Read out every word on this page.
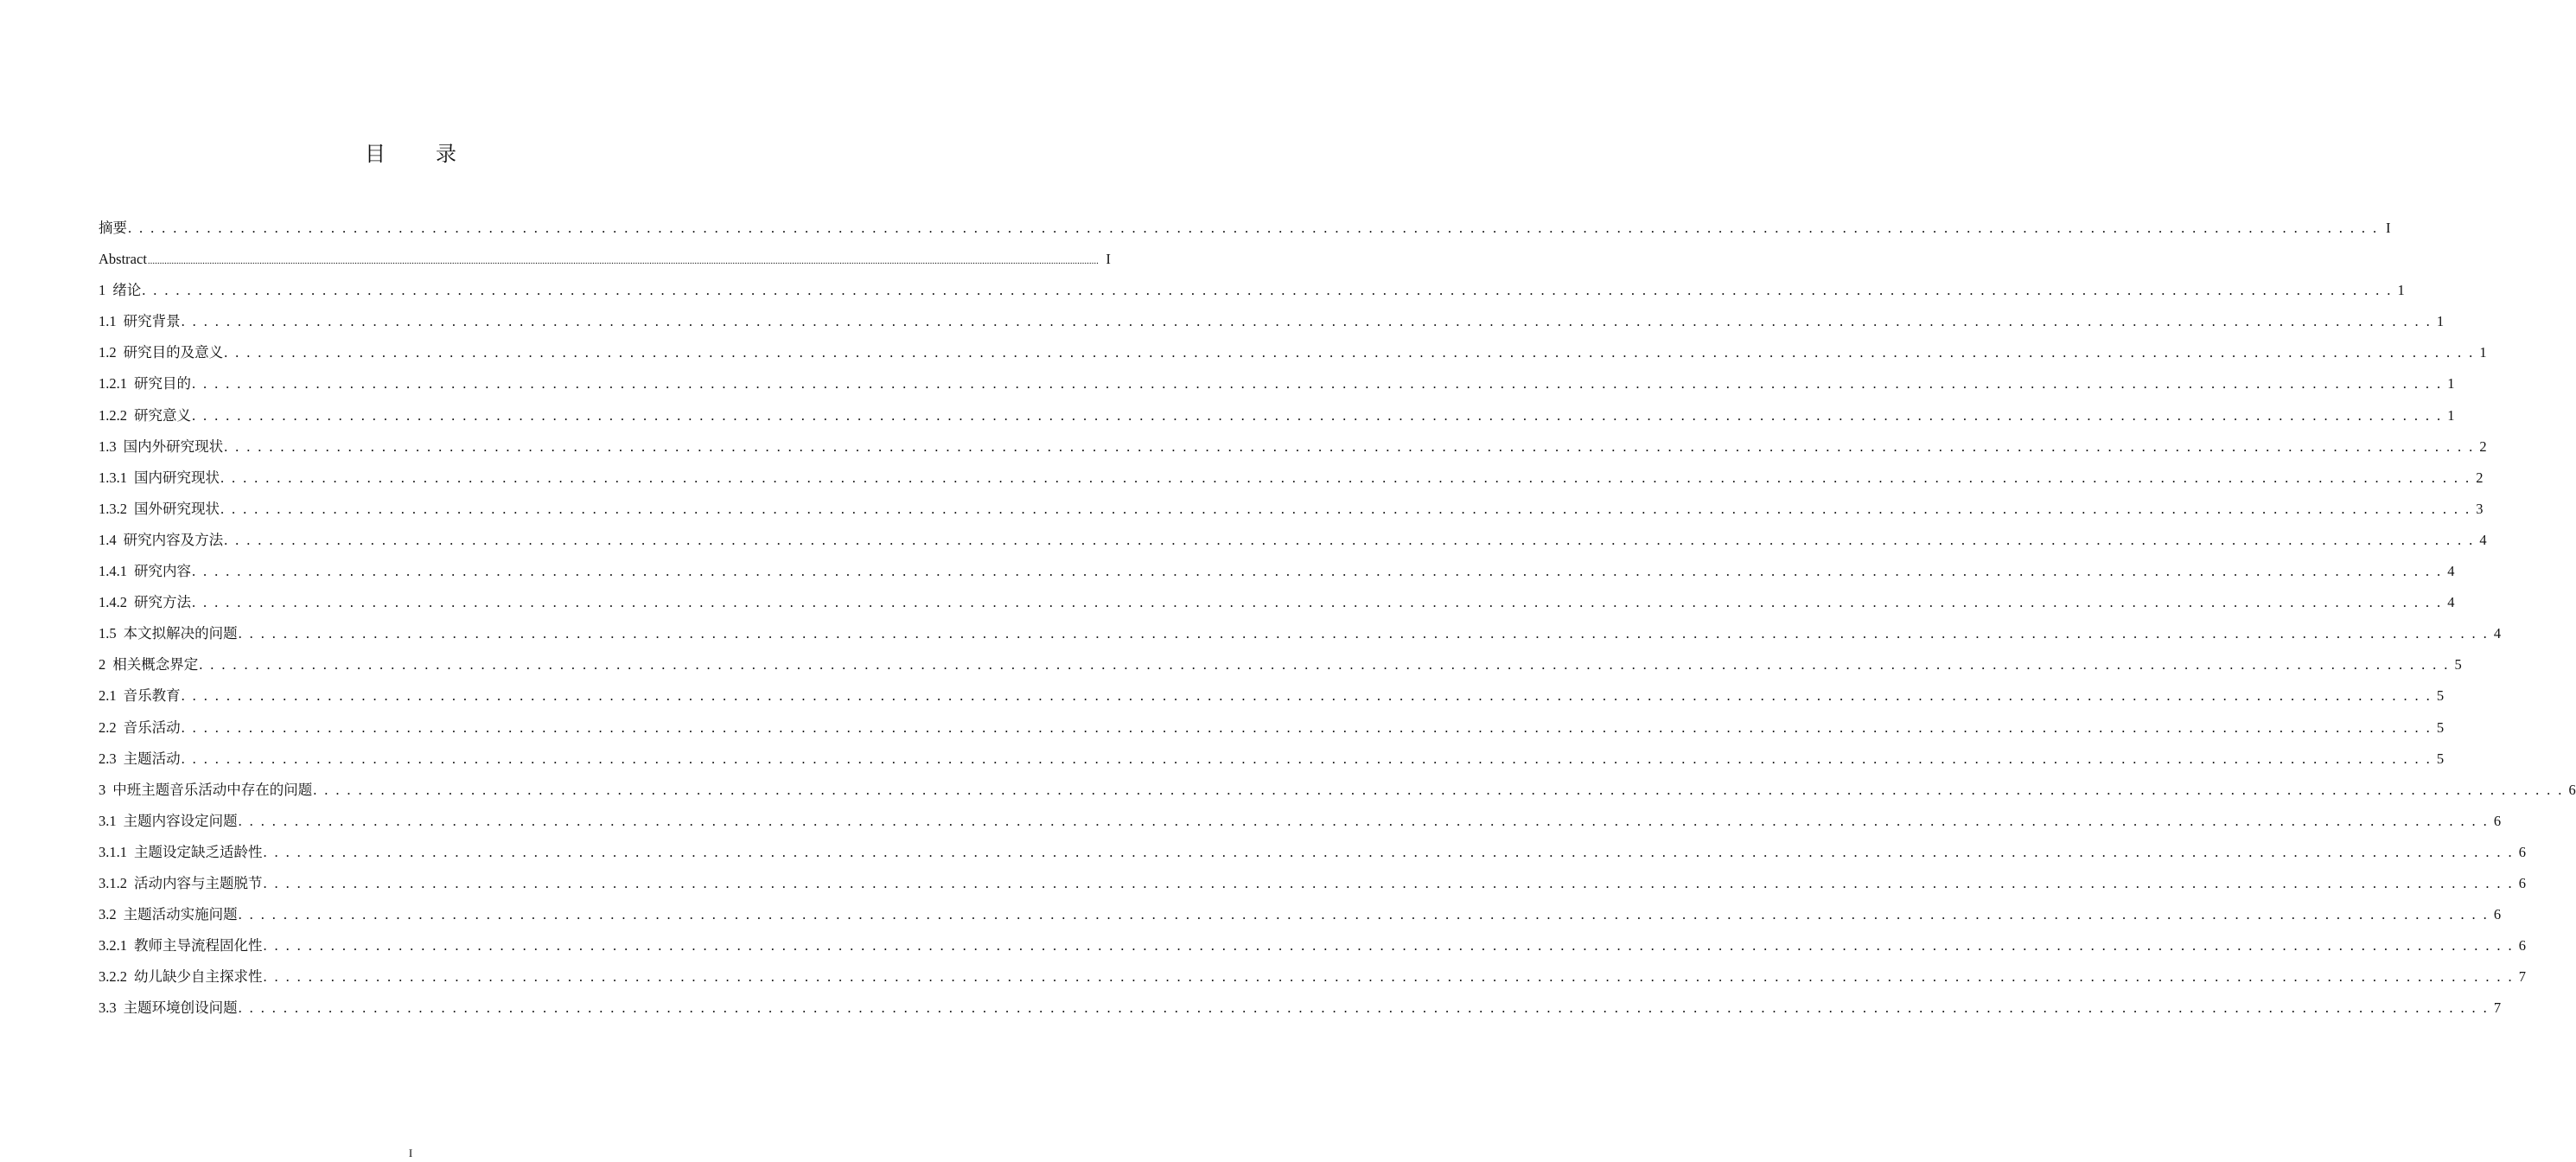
目 录
摘要 . . . . . . . . . . . . . . . . . . . . . . . . . . . . . . . . . . . . . . . . . . . . . . . . . . . . . . . . . . . . . . . . . . . . . . . . . . . . . . . . . . . . . . . . . . . . . . . . . . . . . . . . . . . . . . . . . . . . . . . . . . . . . . . . . . . . . . . . . . . . . . . . . . . . . . . . . . . . . . . . . . . . . . . . . . . . . . . . . . . . . . . . . . . . . . . . . . . . . . . . I
Abstract ................................................................................................................................................................................................................................................................................................................................................................................................................ I
1 绪论 . . . . . . . . . . . . . . . . . . . . . . . . . . . . . . . . . . . . . . . . . . . . . . . . . . . . . . . . . . . . . . . . . . . . . . . . . . . . . . . . . . . . . . . . . . . . . . . . . . . . . . . . . . . . . . . . . . . . . . . . . . . . . . . . . . . . . . . . . . . . . . . . . . . . . . . . . . . . . . . . . . . . . . . . . . . . . . . . . . . . . . . . . . . . . . . . . . . . . . . . 1
1.1 研究背景 . . . . . . . . . . . . . . . . . . . . . . . . . . . . . . . . . . . . . . . . . . . . . . . . . . . . . . . . . . . . . . . . . . . . . . . . . . . . . . . . . . . . . . . . . . . . . . . . . . . . . . . . . . . . . . . . . . . . . . . . . . . . . . . . . . . . . . . . . . . . . . . . . . . . . . . . . . . . . . . . . . . . . . . . . . . . . . . . . . . . . . . . . . . . . . . . . . . . . . . . 1
1.2 研究目的及意义 . . . . . . . . . . . . . . . . . . . . . . . . . . . . . . . . . . . . . . . . . . . . . . . . . . . . . . . . . . . . . . . . . . . . . . . . . . . . . . . . . . . . . . . . . . . . . . . . . . . . . . . . . . . . . . . . . . . . . . . . . . . . . . . . . . . . . . . . . . . . . . . . . . . . . . . . . . . . . . . . . . . . . . . . . . . . . . . . . . . . . . . . . . . . . . . . . . . . . . . . 1
1.2.1 研究目的 . . . . . . . . . . . . . . . . . . . . . . . . . . . . . . . . . . . . . . . . . . . . . . . . . . . . . . . . . . . . . . . . . . . . . . . . . . . . . . . . . . . . . . . . . . . . . . . . . . . . . . . . . . . . . . . . . . . . . . . . . . . . . . . . . . . . . . . . . . . . . . . . . . . . . . . . . . . . . . . . . . . . . . . . . . . . . . . . . . . . . . . . . . . . . . . . . . . . . . . . 1
1.2.2 研究意义 . . . . . . . . . . . . . . . . . . . . . . . . . . . . . . . . . . . . . . . . . . . . . . . . . . . . . . . . . . . . . . . . . . . . . . . . . . . . . . . . . . . . . . . . . . . . . . . . . . . . . . . . . . . . . . . . . . . . . . . . . . . . . . . . . . . . . . . . . . . . . . . . . . . . . . . . . . . . . . . . . . . . . . . . . . . . . . . . . . . . . . . . . . . . . . . . . . . . . . . . 1
1.3 国内外研究现状 . . . . . . . . . . . . . . . . . . . . . . . . . . . . . . . . . . . . . . . . . . . . . . . . . . . . . . . . . . . . . . . . . . . . . . . . . . . . . . . . . . . . . . . . . . . . . . . . . . . . . . . . . . . . . . . . . . . . . . . . . . . . . . . . . . . . . . . . . . . . . . . . . . . . . . . . . . . . . . . . . . . . . . . . . . . . . . . . . . . . . . . . . . . . . . . . . . . . . . . . 2
1.3.1 国内研究现状 . . . . . . . . . . . . . . . . . . . . . . . . . . . . . . . . . . . . . . . . . . . . . . . . . . . . . . . . . . . . . . . . . . . . . . . . . . . . . . . . . . . . . . . . . . . . . . . . . . . . . . . . . . . . . . . . . . . . . . . . . . . . . . . . . . . . . . . . . . . . . . . . . . . . . . . . . . . . . . . . . . . . . . . . . . . . . . . . . . . . . . . . . . . . . . . . . . . . . . . . 2
1.3.2 国外研究现状 . . . . . . . . . . . . . . . . . . . . . . . . . . . . . . . . . . . . . . . . . . . . . . . . . . . . . . . . . . . . . . . . . . . . . . . . . . . . . . . . . . . . . . . . . . . . . . . . . . . . . . . . . . . . . . . . . . . . . . . . . . . . . . . . . . . . . . . . . . . . . . . . . . . . . . . . . . . . . . . . . . . . . . . . . . . . . . . . . . . . . . . . . . . . . . . . . . . . . . . . 3
1.4 研究内容及方法 . . . . . . . . . . . . . . . . . . . . . . . . . . . . . . . . . . . . . . . . . . . . . . . . . . . . . . . . . . . . . . . . . . . . . . . . . . . . . . . . . . . . . . . . . . . . . . . . . . . . . . . . . . . . . . . . . . . . . . . . . . . . . . . . . . . . . . . . . . . . . . . . . . . . . . . . . . . . . . . . . . . . . . . . . . . . . . . . . . . . . . . . . . . . . . . . . . . . . . . . 4
1.4.1 研究内容 . . . . . . . . . . . . . . . . . . . . . . . . . . . . . . . . . . . . . . . . . . . . . . . . . . . . . . . . . . . . . . . . . . . . . . . . . . . . . . . . . . . . . . . . . . . . . . . . . . . . . . . . . . . . . . . . . . . . . . . . . . . . . . . . . . . . . . . . . . . . . . . . . . . . . . . . . . . . . . . . . . . . . . . . . . . . . . . . . . . . . . . . . . . . . . . . . . . . . . . . 4
1.4.2 研究方法 . . . . . . . . . . . . . . . . . . . . . . . . . . . . . . . . . . . . . . . . . . . . . . . . . . . . . . . . . . . . . . . . . . . . . . . . . . . . . . . . . . . . . . . . . . . . . . . . . . . . . . . . . . . . . . . . . . . . . . . . . . . . . . . . . . . . . . . . . . . . . . . . . . . . . . . . . . . . . . . . . . . . . . . . . . . . . . . . . . . . . . . . . . . . . . . . . . . . . . . . 4
1.5 本文拟解决的问题 . . . . . . . . . . . . . . . . . . . . . . . . . . . . . . . . . . . . . . . . . . . . . . . . . . . . . . . . . . . . . . . . . . . . . . . . . . . . . . . . . . . . . . . . . . . . . . . . . . . . . . . . . . . . . . . . . . . . . . . . . . . . . . . . . . . . . . . . . . . . . . . . . . . . . . . . . . . . . . . . . . . . . . . . . . . . . . . . . . . . . . . . . . . . . . . . . . . . . . . . 4
2 相关概念界定 . . . . . . . . . . . . . . . . . . . . . . . . . . . . . . . . . . . . . . . . . . . . . . . . . . . . . . . . . . . . . . . . . . . . . . . . . . . . . . . . . . . . . . . . . . . . . . . . . . . . . . . . . . . . . . . . . . . . . . . . . . . . . . . . . . . . . . . . . . . . . . . . . . . . . . . . . . . . . . . . . . . . . . . . . . . . . . . . . . . . . . . . . . . . . . . . . . . . . . . . 5
2.1 音乐教育 . . . . . . . . . . . . . . . . . . . . . . . . . . . . . . . . . . . . . . . . . . . . . . . . . . . . . . . . . . . . . . . . . . . . . . . . . . . . . . . . . . . . . . . . . . . . . . . . . . . . . . . . . . . . . . . . . . . . . . . . . . . . . . . . . . . . . . . . . . . . . . . . . . . . . . . . . . . . . . . . . . . . . . . . . . . . . . . . . . . . . . . . . . . . . . . . . . . . . . . . 5
2.2 音乐活动 . . . . . . . . . . . . . . . . . . . . . . . . . . . . . . . . . . . . . . . . . . . . . . . . . . . . . . . . . . . . . . . . . . . . . . . . . . . . . . . . . . . . . . . . . . . . . . . . . . . . . . . . . . . . . . . . . . . . . . . . . . . . . . . . . . . . . . . . . . . . . . . . . . . . . . . . . . . . . . . . . . . . . . . . . . . . . . . . . . . . . . . . . . . . . . . . . . . . . . . . 5
2.3 主题活动 . . . . . . . . . . . . . . . . . . . . . . . . . . . . . . . . . . . . . . . . . . . . . . . . . . . . . . . . . . . . . . . . . . . . . . . . . . . . . . . . . . . . . . . . . . . . . . . . . . . . . . . . . . . . . . . . . . . . . . . . . . . . . . . . . . . . . . . . . . . . . . . . . . . . . . . . . . . . . . . . . . . . . . . . . . . . . . . . . . . . . . . . . . . . . . . . . . . . . . . . 5
3 中班主题音乐活动中存在的问题 . . . . . . . . . . . . . . . . . . . . . . . . . . . . . . . . . . . . . . . . . . . . . . . . . . . . . . . . . . . . . . . . . . . . . . . . . . . . . . . . . . . . . . . . . . . . . . . . . . . . . . . . . . . . . . . . . . . . . . . . . . . . . . . . . . . . . . . . . . . . . . . . . . . . . . . . . . . . . . . . . . . . . . . . . . . . . . . . . . . . . . . . . . . . . . . . . . . . . . . . 6
3.1 主题内容设定问题 . . . . . . . . . . . . . . . . . . . . . . . . . . . . . . . . . . . . . . . . . . . . . . . . . . . . . . . . . . . . . . . . . . . . . . . . . . . . . . . . . . . . . . . . . . . . . . . . . . . . . . . . . . . . . . . . . . . . . . . . . . . . . . . . . . . . . . . . . . . . . . . . . . . . . . . . . . . . . . . . . . . . . . . . . . . . . . . . . . . . . . . . . . . . . . . . . . . . . . . . 6
3.1.1 主题设定缺乏适龄性 . . . . . . . . . . . . . . . . . . . . . . . . . . . . . . . . . . . . . . . . . . . . . . . . . . . . . . . . . . . . . . . . . . . . . . . . . . . . . . . . . . . . . . . . . . . . . . . . . . . . . . . . . . . . . . . . . . . . . . . . . . . . . . . . . . . . . . . . . . . . . . . . . . . . . . . . . . . . . . . . . . . . . . . . . . . . . . . . . . . . . . . . . . . . . . . . . . . . . . . . 6
3.1.2 活动内容与主题脱节 . . . . . . . . . . . . . . . . . . . . . . . . . . . . . . . . . . . . . . . . . . . . . . . . . . . . . . . . . . . . . . . . . . . . . . . . . . . . . . . . . . . . . . . . . . . . . . . . . . . . . . . . . . . . . . . . . . . . . . . . . . . . . . . . . . . . . . . . . . . . . . . . . . . . . . . . . . . . . . . . . . . . . . . . . . . . . . . . . . . . . . . . . . . . . . . . . . . . . . . . 6
3.2 主题活动实施问题 . . . . . . . . . . . . . . . . . . . . . . . . . . . . . . . . . . . . . . . . . . . . . . . . . . . . . . . . . . . . . . . . . . . . . . . . . . . . . . . . . . . . . . . . . . . . . . . . . . . . . . . . . . . . . . . . . . . . . . . . . . . . . . . . . . . . . . . . . . . . . . . . . . . . . . . . . . . . . . . . . . . . . . . . . . . . . . . . . . . . . . . . . . . . . . . . . . . . . . . . 6
3.2.1 教师主导流程固化性 . . . . . . . . . . . . . . . . . . . . . . . . . . . . . . . . . . . . . . . . . . . . . . . . . . . . . . . . . . . . . . . . . . . . . . . . . . . . . . . . . . . . . . . . . . . . . . . . . . . . . . . . . . . . . . . . . . . . . . . . . . . . . . . . . . . . . . . . . . . . . . . . . . . . . . . . . . . . . . . . . . . . . . . . . . . . . . . . . . . . . . . . . . . . . . . . . . . . . . . . 6
3.2.2 幼儿缺少自主探求性 . . . . . . . . . . . . . . . . . . . . . . . . . . . . . . . . . . . . . . . . . . . . . . . . . . . . . . . . . . . . . . . . . . . . . . . . . . . . . . . . . . . . . . . . . . . . . . . . . . . . . . . . . . . . . . . . . . . . . . . . . . . . . . . . . . . . . . . . . . . . . . . . . . . . . . . . . . . . . . . . . . . . . . . . . . . . . . . . . . . . . . . . . . . . . . . . . . . . . . . . 7
3.3 主题环境创设问题 . . . . . . . . . . . . . . . . . . . . . . . . . . . . . . . . . . . . . . . . . . . . . . . . . . . . . . . . . . . . . . . . . . . . . . . . . . . . . . . . . . . . . . . . . . . . . . . . . . . . . . . . . . . . . . . . . . . . . . . . . . . . . . . . . . . . . . . . . . . . . . . . . . . . . . . . . . . . . . . . . . . . . . . . . . . . . . . . . . . . . . . . . . . . . . . . . . . . . . . . 7
I
